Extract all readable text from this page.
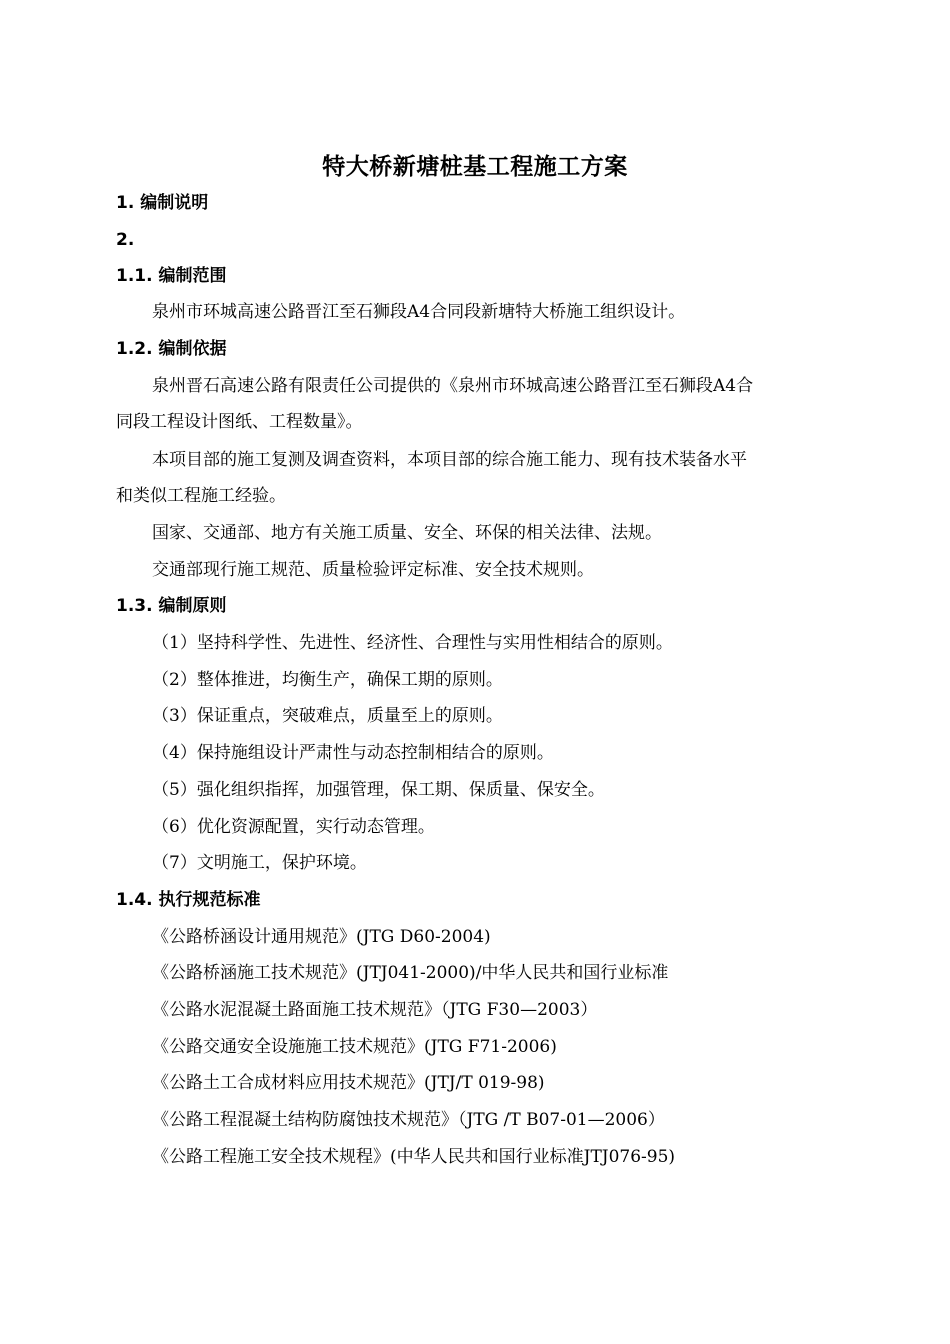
特大桥新塘桩基工程施工方案
1. 编制说明
2.
1.1. 编制范围
泉州市环城高速公路晋江至石狮段A4合同段新塘特大桥施工组织设计。
1.2. 编制依据
泉州晋石高速公路有限责任公司提供的《泉州市环城高速公路晋江至石狮段A4合
同段工程设计图纸、工程数量》。
本项目部的施工复测及调查资料，本项目部的综合施工能力、现有技术装备水平
和类似工程施工经验。
国家、交通部、地方有关施工质量、安全、环保的相关法律、法规。
交通部现行施工规范、质量检验评定标准、安全技术规则。
1.3. 编制原则
（1）坚持科学性、先进性、经济性、合理性与实用性相结合的原则。
（2）整体推进，均衡生产，确保工期的原则。
（3）保证重点，突破难点，质量至上的原则。
（4）保持施组设计严肃性与动态控制相结合的原则。
（5）强化组织指挥，加强管理，保工期、保质量、保安全。
（6）优化资源配置，实行动态管理。
（7）文明施工，保护环境。
1.4. 执行规范标准
《公路桥涵设计通用规范》(JTG D60-2004)
《公路桥涵施工技术规范》(JTJ041-2000)/中华人民共和国行业标准
《公路水泥混凝土路面施工技术规范》（JTG F30—2003）
《公路交通安全设施施工技术规范》(JTG F71-2006)
《公路土工合成材料应用技术规范》(JTJ/T 019-98)
《公路工程混凝土结构防腐蚀技术规范》（JTG /T B07-01—2006）
《公路工程施工安全技术规程》(中华人民共和国行业标准JTJ076-95)
